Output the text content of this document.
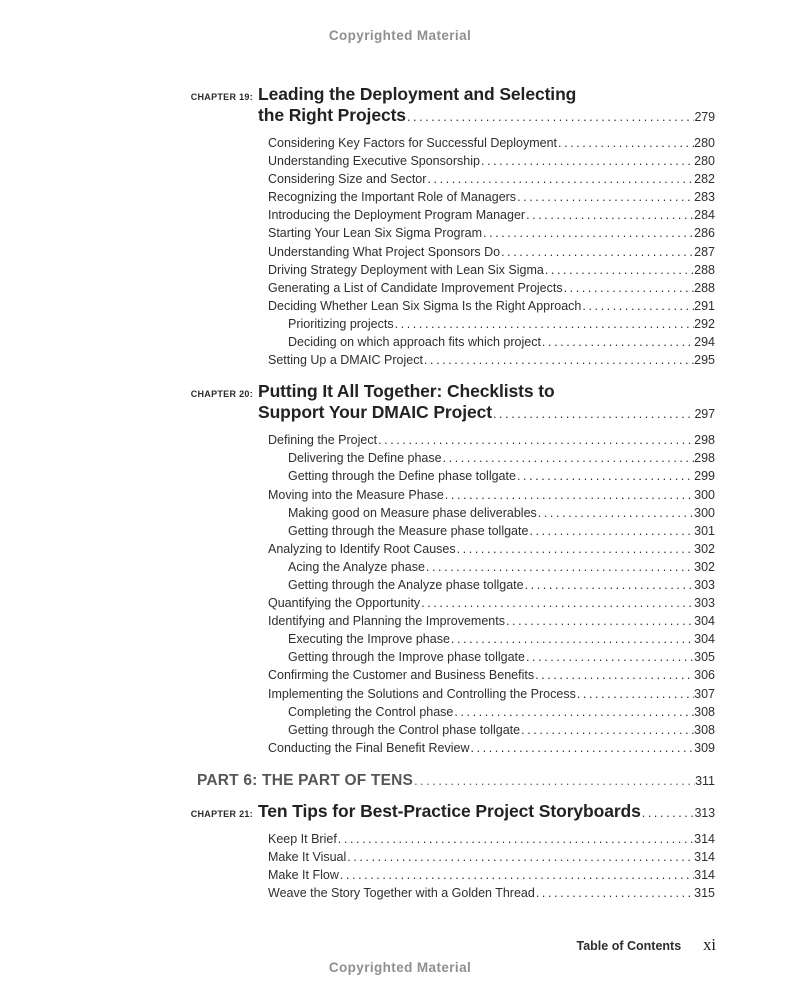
Copyrighted Material
CHAPTER 19: Leading the Deployment and Selecting
the Right Projects .....	279
Considering Key Factors for Successful Deployment .....	280
Understanding Executive Sponsorship .....	280
Considering Size and Sector .....	282
Recognizing the Important Role of Managers .....	283
Introducing the Deployment Program Manager .....	284
Starting Your Lean Six Sigma Program .....	286
Understanding What Project Sponsors Do .....	287
Driving Strategy Deployment with Lean Six Sigma .....	288
Generating a List of Candidate Improvement Projects .....	288
Deciding Whether Lean Six Sigma Is the Right Approach .....	291
Prioritizing projects .....	292
Deciding on which approach fits which project .....	294
Setting Up a DMAIC Project .....	295
CHAPTER 20: Putting It All Together: Checklists to
Support Your DMAIC Project .....	297
Defining the Project .....	298
Delivering the Define phase .....	298
Getting through the Define phase tollgate .....	299
Moving into the Measure Phase .....	300
Making good on Measure phase deliverables .....	300
Getting through the Measure phase tollgate .....	301
Analyzing to Identify Root Causes .....	302
Acing the Analyze phase .....	302
Getting through the Analyze phase tollgate .....	303
Quantifying the Opportunity .....	303
Identifying and Planning the Improvements .....	304
Executing the Improve phase .....	304
Getting through the Improve phase tollgate .....	305
Confirming the Customer and Business Benefits .....	306
Implementing the Solutions and Controlling the Process .....	307
Completing the Control phase .....	308
Getting through the Control phase tollgate .....	308
Conducting the Final Benefit Review .....	309
PART 6: THE PART OF TENS .....	311
CHAPTER 21: Ten Tips for Best-Practice Project Storyboards .....	313
Keep It Brief .....	314
Make It Visual .....	314
Make It Flow .....	314
Weave the Story Together with a Golden Thread .....	315
Table of Contents xi
Copyrighted Material
